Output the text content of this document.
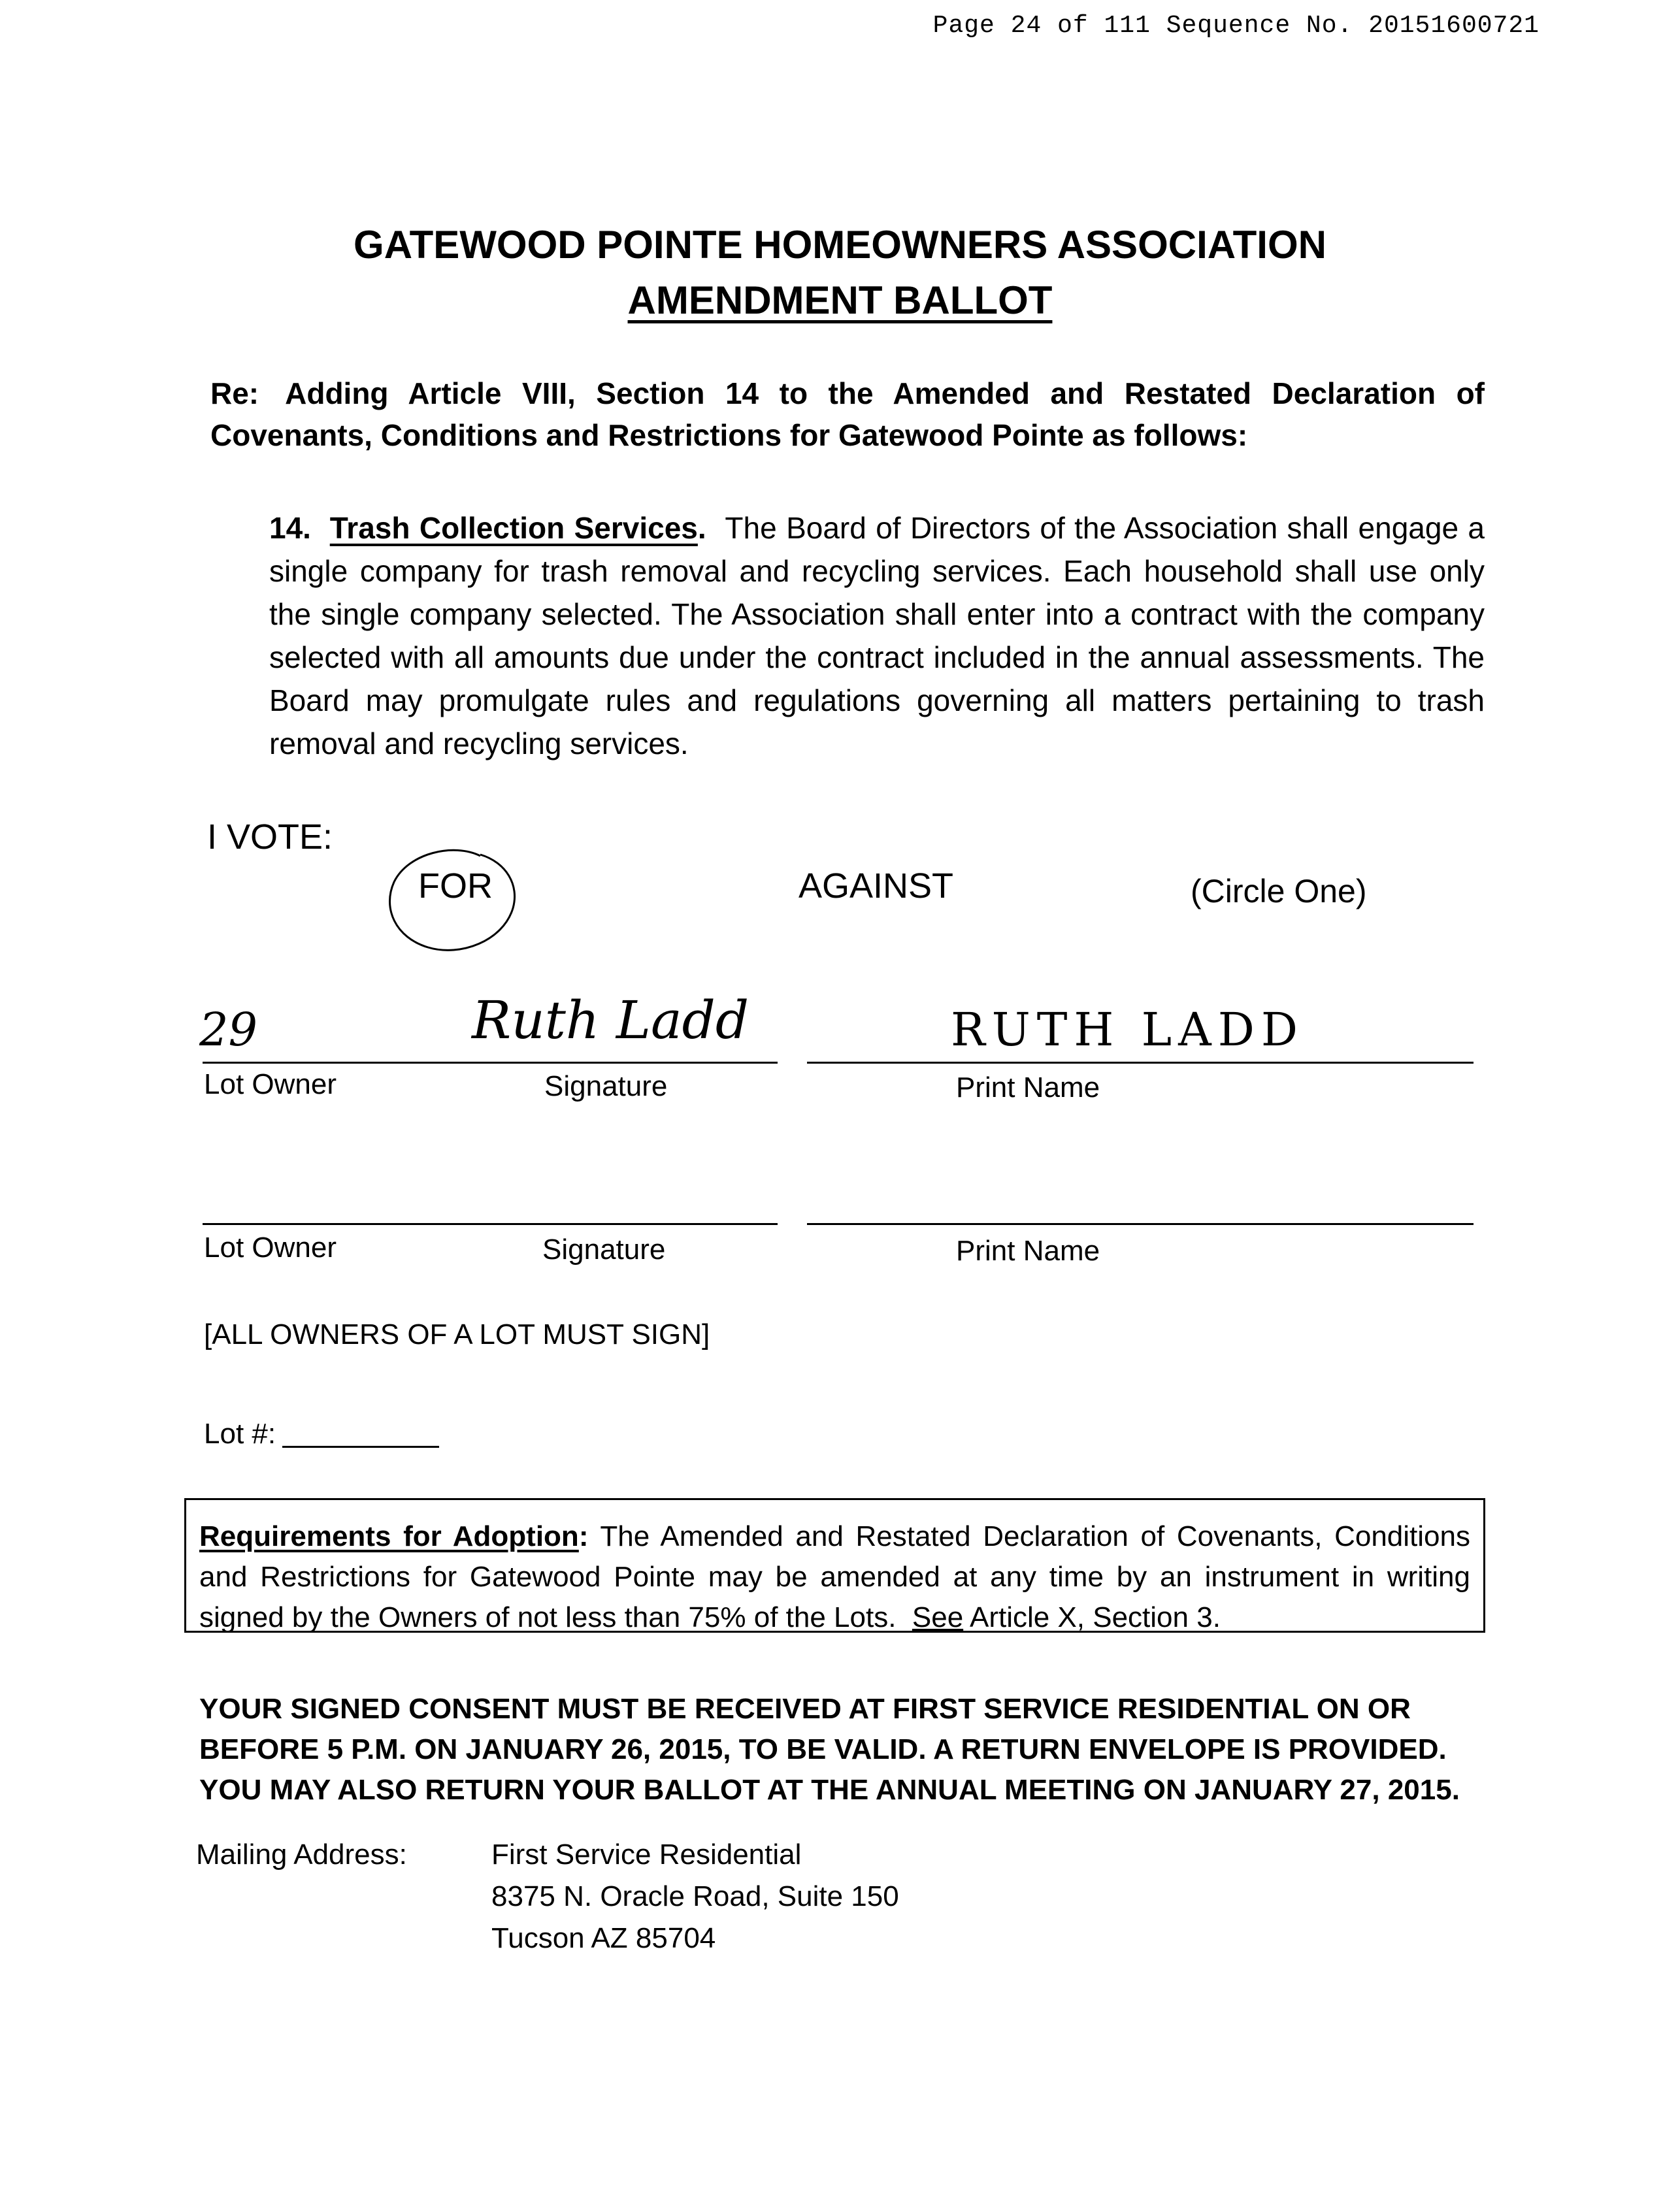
Page 24 of 111 Sequence No. 20151600721
GATEWOOD POINTE HOMEOWNERS ASSOCIATION
AMENDMENT BALLOT
Re: Adding Article VIII, Section 14 to the Amended and Restated Declaration of Covenants, Conditions and Restrictions for Gatewood Pointe as follows:
14. Trash Collection Services. The Board of Directors of the Association shall engage a single company for trash removal and recycling services. Each household shall use only the single company selected. The Association shall enter into a contract with the company selected with all amounts due under the contract included in the annual assessments. The Board may promulgate rules and regulations governing all matters pertaining to trash removal and recycling services.
I VOTE:
FOR	AGAINST	(Circle One)
29	Ruth Ladd	RUTH LADD
Lot Owner	Signature	Print Name
Lot Owner	Signature	Print Name
[ALL OWNERS OF A LOT MUST SIGN]
Lot #:

Requirements for Adoption: The Amended and Restated Declaration of Covenants, Conditions and Restrictions for Gatewood Pointe may be amended at any time by an instrument in writing signed by the Owners of not less than 75% of the Lots. See Article X, Section 3.

YOUR SIGNED CONSENT MUST BE RECEIVED AT FIRST SERVICE RESIDENTIAL ON OR BEFORE 5 P.M. ON JANUARY 26, 2015, TO BE VALID. A RETURN ENVELOPE IS PROVIDED. YOU MAY ALSO RETURN YOUR BALLOT AT THE ANNUAL MEETING ON JANUARY 27, 2015.
Mailing Address:	First Service Residential
8375 N. Oracle Road, Suite 150
Tucson AZ 85704
